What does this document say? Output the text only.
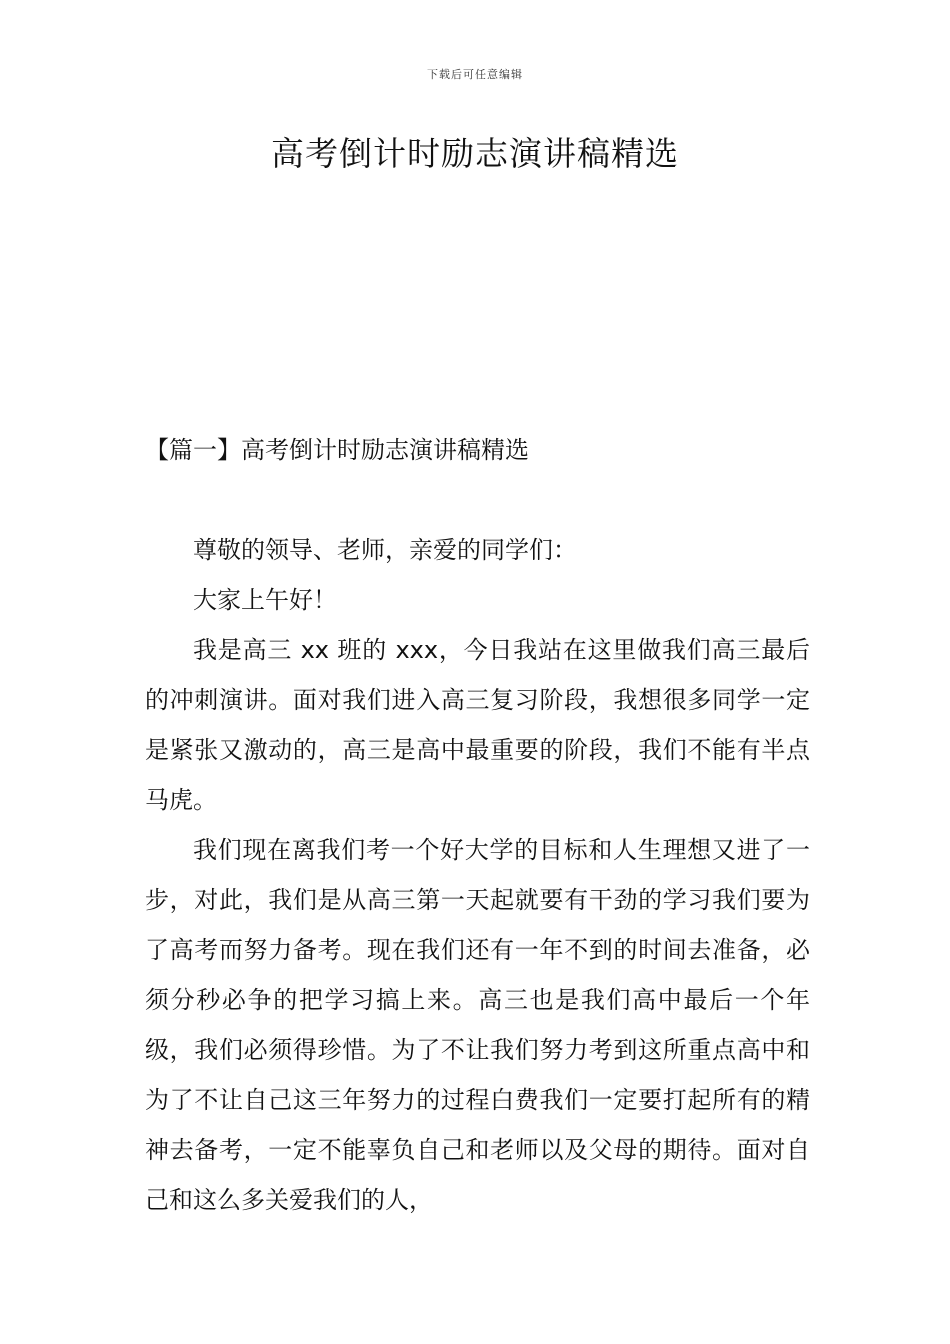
下载后可任意编辑
高考倒计时励志演讲稿精选
【篇一】高考倒计时励志演讲稿精选

尊敬的领导、老师，亲爱的同学们：

大家上午好！

我是高三 xx 班的 xxx，今日我站在这里做我们高三最后的冲刺演讲。面对我们进入高三复习阶段，我想很多同学一定是紧张又激动的，高三是高中最重要的阶段，我们不能有半点马虎。

我们现在离我们考一个好大学的目标和人生理想又进了一步，对此，我们是从高三第一天起就要有干劲的学习我们要为了高考而努力备考。现在我们还有一年不到的时间去准备，必须分秒必争的把学习搞上来。高三也是我们高中最后一个年级，我们必须得珍惜。为了不让我们努力考到这所重点高中和为了不让自己这三年努力的过程白费我们一定要打起所有的精神去备考，一定不能辜负自己和老师以及父母的期待。面对自己和这么多关爱我们的人，
